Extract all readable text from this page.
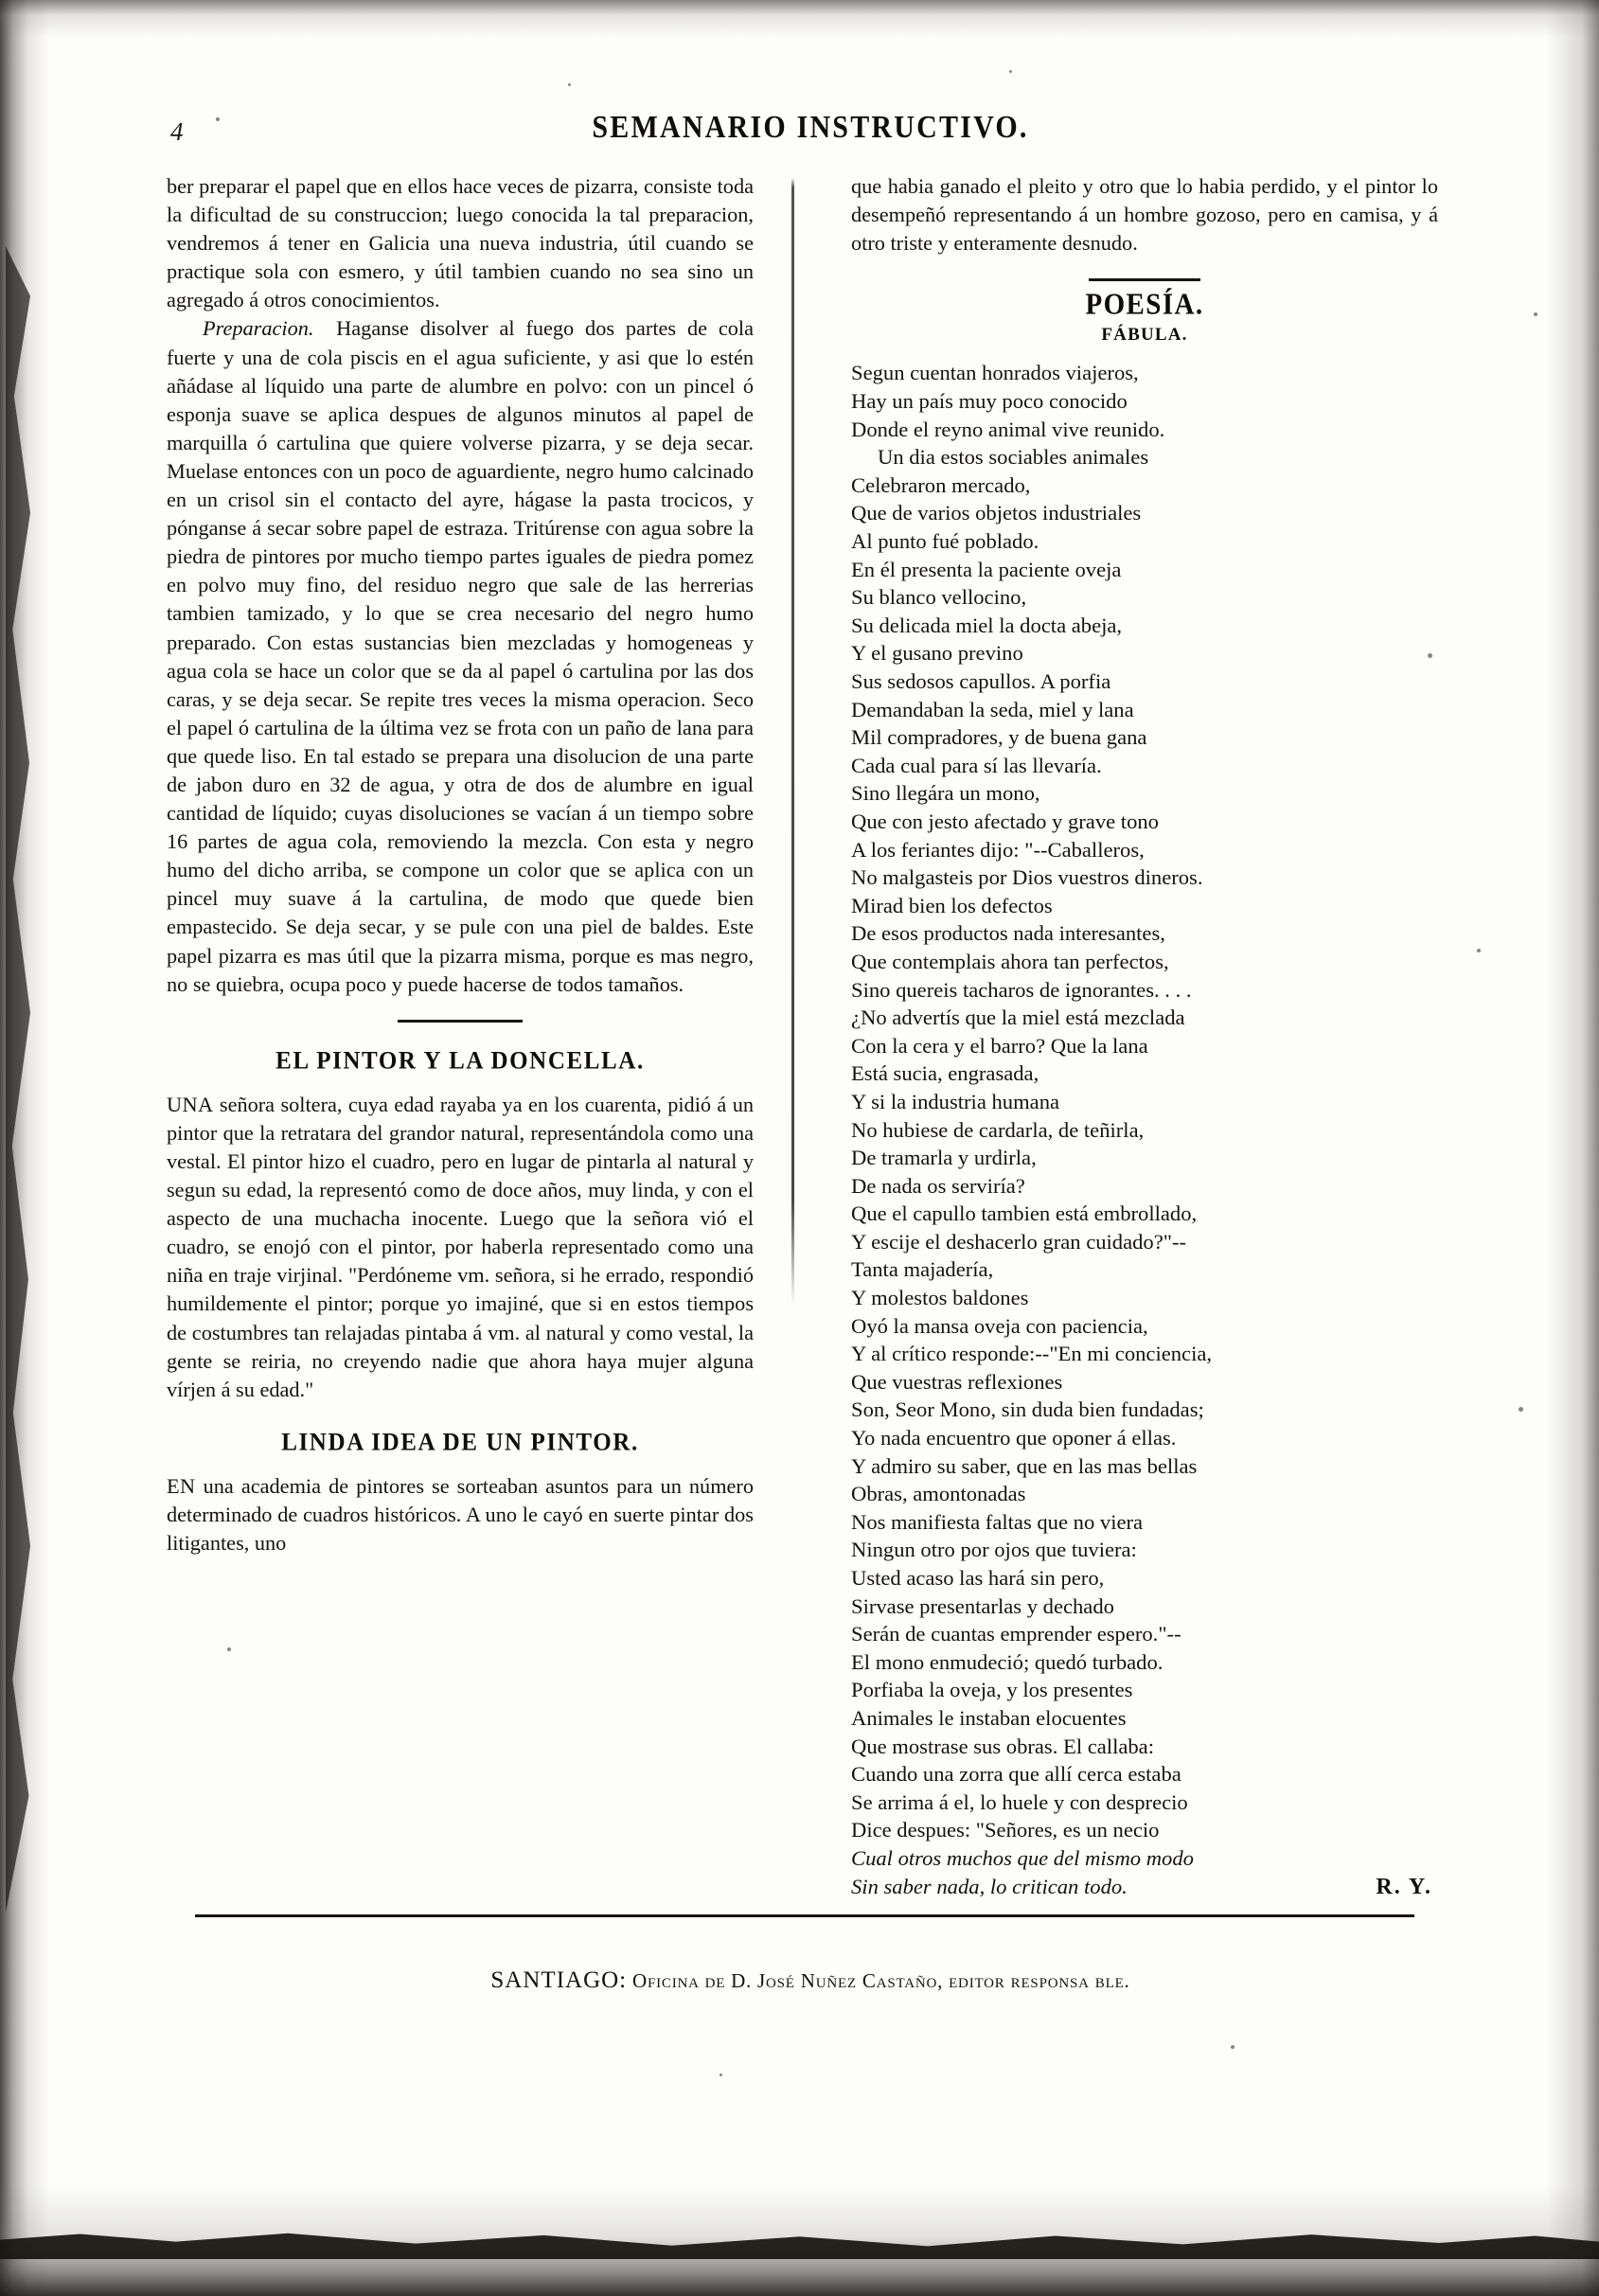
4	SEMANARIO INSTRUCTIVO.

ber preparar el papel que en ellos hace veces de pizarra, consiste toda la dificultad de su construccion; luego conocida la tal preparacion, vendremos á tener en Galicia una nueva industria, útil cuando se practique sola con esmero, y útil tambien cuando no sea sino un agregado á otros conocimientos.

Preparacion. Haganse disolver al fuego dos partes de cola fuerte y una de cola piscis en el agua suficiente, y asi que lo estén añádase al líquido una parte de alumbre en polvo: con un pincel ó esponja suave se aplica despues de algunos minutos al papel de marquilla ó cartulina que quiere volverse pizarra, y se deja secar. Muelase entonces con un poco de aguardiente, negro humo calcinado en un crisol sin el contacto del ayre, hágase la pasta trocicos, y pónganse á secar sobre papel de estraza. Tritúrense con agua sobre la piedra de pintores por mucho tiempo partes iguales de piedra pomez en polvo muy fino, del residuo negro que sale de las herrerias tambien tamizado, y lo que se crea necesario del negro humo preparado. Con estas sustancias bien mezcladas y homogeneas y agua cola se hace un color que se da al papel ó cartulina por las dos caras, y se deja secar. Se repite tres veces la misma operacion. Seco el papel ó cartulina de la última vez se frota con un paño de lana para que quede liso. En tal estado se prepara una disolucion de una parte de jabon duro en 32 de agua, y otra de dos de alumbre en igual cantidad de líquido; cuyas disoluciones se vacían á un tiempo sobre 16 partes de agua cola, removiendo la mezcla. Con esta y negro humo del dicho arriba, se compone un color que se aplica con un pincel muy suave á la cartulina, de modo que quede bien empastecido. Se deja secar, y se pule con una piel de baldes. Este papel pizarra es mas útil que la pizarra misma, porque es mas negro, no se quiebra, ocupa poco y puede hacerse de todos tamaños.

EL PINTOR Y LA DONCELLA.

UNA señora soltera, cuya edad rayaba ya en los cuarenta, pidió á un pintor que la retratara del grandor natural, representándola como una vestal. El pintor hizo el cuadro, pero en lugar de pintarla al natural y segun su edad, la representó como de doce años, muy linda, y con el aspecto de una muchacha inocente. Luego que la señora vió el cuadro, se enojó con el pintor, por haberla representado como una niña en traje virjinal. "Perdóneme vm. señora, si he errado, respondió humildemente el pintor; porque yo imajiné, que si en estos tiempos de costumbres tan relajadas pintaba á vm. al natural y como vestal, la gente se reiria, no creyendo nadie que ahora haya mujer alguna vírjen á su edad."

LINDA IDEA DE UN PINTOR.

EN una academia de pintores se sorteaban asuntos para un número determinado de cuadros históricos. A uno le cayó en suerte pintar dos litigantes, uno

que habia ganado el pleito y otro que lo habia perdido, y el pintor lo desempeñó representando á un hombre gozoso, pero en camisa, y á otro triste y enteramente desnudo.

POESÍA.
FÁBULA.
Segun cuentan honrados viajeros,
Hay un país muy poco conocido
Donde el reyno animal vive reunido.
Un dia estos sociables animales
Celebraron mercado,
Que de varios objetos industriales
Al punto fué poblado.
En él presenta la paciente oveja
Su blanco vellocino,
Su delicada miel la docta abeja,
Y el gusano previno
Sus sedosos capullos. A porfia
Demandaban la seda, miel y lana
Mil compradores, y de buena gana
Cada cual para sí las llevaría.
Sino llegára un mono,
Que con jesto afectado y grave tono
A los feriantes dijo: "--Caballeros,
No malgasteis por Dios vuestros dineros.
Mirad bien los defectos
De esos productos nada interesantes,
Que contemplais ahora tan perfectos,
Sino quereis tacharos de ignorantes. . . .
¿No advertís que la miel está mezclada
Con la cera y el barro? Que la lana
Está sucia, engrasada,
Y si la industria humana
No hubiese de cardarla, de teñirla,
De tramarla y urdirla,
De nada os serviría?
Que el capullo tambien está embrollado,
Y escije el deshacerlo gran cuidado?"--
Tanta majadería,
Y molestos baldones
Oyó la mansa oveja con paciencia,
Y al crítico responde:--"En mi conciencia,
Que vuestras reflexiones
Son, Seor Mono, sin duda bien fundadas;
Yo nada encuentro que oponer á ellas.
Y admiro su saber, que en las mas bellas
Obras, amontonadas
Nos manifiesta faltas que no viera
Ningun otro por ojos que tuviera:
Usted acaso las hará sin pero,
Sirvase presentarlas y dechado
Serán de cuantas emprender espero."--
El mono enmudeció; quedó turbado.
Porfiaba la oveja, y los presentes
Animales le instaban elocuentes
Que mostrase sus obras. El callaba:
Cuando una zorra que allí cerca estaba
Se arrima á el, lo huele y con desprecio
Dice despues: "Señores, es un necio
Cual otros muchos que del mismo modo
Sin saber nada, lo critican todo.	R. Y.
SANTIAGO: Oficina de D. José Nuñez Castaño, editor responsa ble.
